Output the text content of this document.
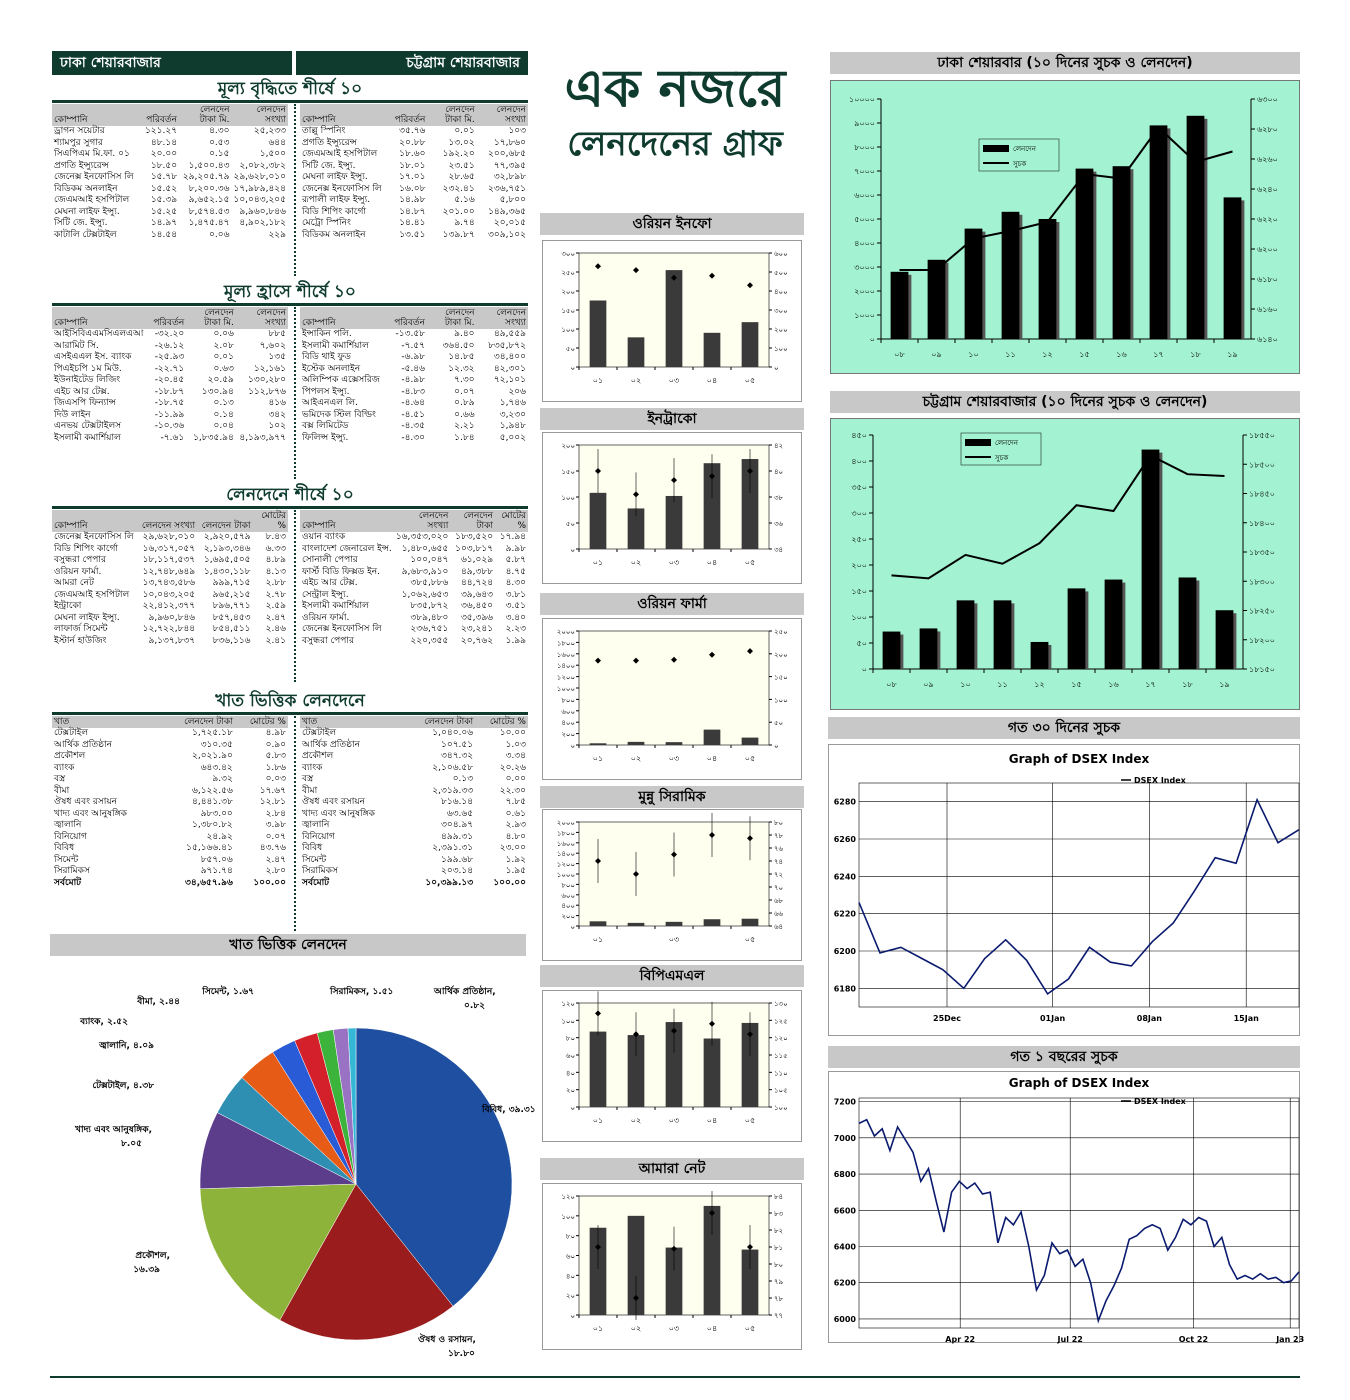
ঢাকা শেয়ারবাজার	চট্টগ্রাম শেয়ারবাজার
মূল্য বৃদ্ধিতে শীর্ষে ১০
কোম্পানি	পরিবর্তন	লেনদেন টাকা মি.	লেনদেন সংখ্যা
ড্রাগন সয়েটার	১২১.২৭	৪.৩০	২৫,২৩৩
শ্যামপুর সুগার	৪৮.১৪	০.৫৩	৬৪৪
সিএপিএম মি.ফা. ০১	২০.০০	০.১৫	১,৫০০
প্রগতি ইন্স্যুরেন্স	১৮.৫০	১,৫০০.৪৩	২,০৮২,৩৮২
জেনেক্স ইনফোসিস লি	১৫.৭৮	২৯,২০৫.৭৯	২৯,৬২৮,০১০
বিডিকম অনলাইন	১৫.৫২	৮,২০০.৩৬	১৭,৯৮৯,৪২৪
জেএমআই হসপিটাল	১৫.৩৯	৯,৬৫২.১৫	১০,০৪৩,২০৫
মেঘনা লাইফ ইন্স্যু.	১৫.২৫	৮,৫৭৪.৫৩	৯,৯৬০,৮৪৬
সিটি জে. ইন্স্যু.	১৪.৯৭	১,৪৭৫.৪৭	৪,৯০২,১৮২
কাটালি টেক্সটাইল	১৪.৫৪	০.০৬	২২৯
কোম্পানি	পরিবর্তন	লেনদেন টাকা মি.	লেনদেন সংখ্যা
তাল্লু স্পিনিং	৩৫.৭৬	০.০১	১০৩
প্রগতি ইন্স্যুরেন্স	২০.৮৮	১৩.০২	১৭,৮৬০
জেএমআই হসপিটাল	১৮.৬০	১৯২.২০	২০০,৬৮৫
সিটি জে. ইন্স্যু.	১৮.০১	২৩.৫১	৭৭,৩৯৫
মেঘনা লাইফ ইন্স্যু.	১৭.০১	২৮.৬৫	৩২,৮৯৮
জেনেক্স ইনফোসিস লি	১৬.০৮	২৩২.৪১	২৩৬,৭৫১
রূপালী লাইফ ইন্স্যু.	১৪.৯৮	৫.১৬	৫,৮০০
বিডি শিপিং কার্গো	১৪.৮৭	২০১.০০	১৪৯,৩৬৫
মেট্রো স্পিনিং	১৪.৪১	৯.৭৪	২০,০১৫
বিডিকম অনলাইন	১৩.৫১	১৩৯.৮৭	৩০৯,১০২
মূল্য হ্রাসে শীর্ষে ১০
কোম্পানি	পরিবর্তন	লেনদেন টাকা মি.	লেনদেন সংখ্যা
আইসিবিএএমসিএলএআ	-৩২.২০	০.০৬	৮৮৫
আরামিট সি.	-২৬.১২	২.০৮	৭,৬০২
এসইএএল ইস. ব্যাংক	-২৫.৯৩	০.০১	১৩৫
পিএইচপি ১ম মিউ.	-২২.৭১	০.৬৩	১২,১৬১
ইউনাইটেড লিজিং	-২০.৪৫	২০.৫৯	১৩০,২৮০
এইচ আর টেক্স.	-১৮.৮৭	১৩০.৯৪	১১২,৮৭৬
জিএসপি ফিন্যান্স	-১৮.৭৫	০.১৩	৪১৬
দিউ লাইন	-১১.৯৯	০.১৪	৩৪২
এনভয় টেক্সটাইলস	-১০.৩৬	০.০৪	১০২
ইসলামী কমার্শিয়াল	-৭.৬১	১,৮৩৫.৯৪	৪,১৯৩,৯৭৭
কোম্পানি	পরিবর্তন	লেনদেন টাকা মি.	লেনদেন সংখ্যা
ইন্সাকিন পলি.	-১৩.৫৮	৯.৪০	৪৯,৫৫৯
ইসলামী কমার্শিয়াল	-৭.৫৭	৩৬৪.৫০	৮৩৫,৮৭২
বিডি থাই ফুড	-৬.৯৮	১৪.৮৫	৩৪,৪০০
ইস্টেক অনলাইন	-৫.৪৬	১২.৩২	৪২,৩০১
অলিম্পিক এক্সেসরিজ	-৪.৯৮	৭.৩০	৭২,১০১
পিপলস ইন্স্যু.	-৪.৮৩	০.০৭	২০৬
আইএনএল লি.	-৪.৬৪	০.৮৯	১,৭৪৬
ভমিদেক স্টিল বিল্ডিং	-৪.৫১	০.৬৬	৩,২৩০
বক্স লিমিটেড	-৪.৩৫	২.২১	১,৯৪৮
ফিলিপ্স ইন্স্যু.	-৪.৩০	১.৮৪	৫,০০২
লেনদেনে শীর্ষে ১০
কোম্পানি	লেনদেন সংখ্যা	লেনদেন টাকা	মোটের %
জেনেক্স ইনফোসিস লি	২৯,৬২৮,০১০	২,৯২০,৫৭৯	৮.৪৩
বিডি শিপিং কার্গো	১৬,৩১৭,০৫৭	২,১৯৩,৩৪৬	৬.৩৩
বসুন্ধরা পেপার	১৮,১১৭,৫৩৭	১,৬৯৫,৫০৫	৪.৮৯
ওরিয়ন ফার্মা.	১২,৭৪৮,৬৪৯	১,৪৩০,১১৮	৪.১৩
আমরা নেট	১৩,৭৪৩,৫৮৬	৯৯৯,৭১৫	২.৮৮
জেএমআই হসপিটাল	১০,০৪৩,২০৫	৯৬৫,২১৫	২.৭৮
ইন্ট্রাকো	২২,৪১২,৩৭৭	৮৯৬,৭৭১	২.৫৯
মেঘনা লাইফ ইন্স্যু.	৯,৯৬০,৮৪৬	৮৫৭,৪৫৩	২.৪৭
লাফার্জ সিমেন্ট	১২,৭২২,৮৪৪	৮৫৪,৫১১	২.৪৬
ইস্টার্ন হাউজিং	৯,১৩৭,৮৩৭	৮৩৬,১১৬	২.৪১
কোম্পানি	লেনদেন সংখ্যা	লেনদেন টাকা	মোটের %
ওয়ান ব্যাংক	১৬,৩৫৩,০২০	১৮৩,৫২০	১৭.৯৪
বাংলাদেশ জেনারেল ইন্স.	১,৪৮০,৬৫৫	১০৩,৮১৭	৯.৯৮
সোনালী পেপার	১০০,০৪৭	৬১,০২৯	৫.৮৭
ফার্স্ট বিডি ফিক্সড ইন.	৯,৬৮৩,৯১০	৪৯,৩৮৮	৪.৭৫
এইচ আর টেক্স.	৩৮৫,৮৮৬	৪৪,৭২৪	৪.৩০
সেন্ট্রাল ইন্স্যু.	১,০৬২,৬৫৩	৩৯,৬৪৩	৩.৮১
ইসলামী কমার্শিয়াল	৮৩৫,৮৭২	৩৬,৪৫০	৩.৫১
ওরিয়ন ফার্মা.	৩৮৯,৪৮০	৩৫,৩৯৬	৩.৪০
জেনেক্স ইনফোসিস লি	২৩৬,৭৫১	২৩,২৪১	২.২৩
বসুন্ধরা পেপার	২২০,৩৫৫	২০,৭৬২	১.৯৯
খাত ভিত্তিক লেনদেনে
খাত	লেনদেন টাকা	মোটের %
টেক্সটাইল	১,৭২৫.১৮	৪.৯৮
আর্থিক প্রতিষ্ঠান	৩১০.৩৫	০.৯০
প্রকৌশল	২,০২১.৯০	৫.৮৩
ব্যাংক	৬৪৩.৪২	১.৮৬
বস্ত্র	৯.৩২	০.০৩
বীমা	৬,১২২.৫৬	১৭.৬৭
ঔষধ এবং রসায়ন	৪,৪৪১.৩৮	১২.৮১
খাদ্য এবং আনুষঙ্গিক	৯৮৩.০০	২.৮৪
জ্বালানি	১,৩৮০.৮২	৩.৯৮
বিনিয়োগ	২৪.৯২	০.০৭
বিবিধ	১৫,১৬৬.৪১	৪৩.৭৬
সিমেন্ট	৮৫৭.০৬	২.৪৭
সিরামিকস	৯৭১.৭৪	২.৮০
সর্বমোট	৩৪,৬৫৭.৯৬	১০০.০০
খাত	লেনদেন টাকা	মোটের %
টেক্সটাইল	১,০৪০.০৬	১০.০০
আর্থিক প্রতিষ্ঠান	১০৭.৫১	১.০৩
প্রকৌশল	৩৪৭.৩২	৩.৩৪
ব্যাংক	২,১০৬.৫৮	২০.২৬
বস্ত্র	০.১৩	০.০০
বীমা	২,৩১৯.৩৩	২২.৩০
ঔষধ এবং রসায়ন	৮১৬.১৪	৭.৮৫
খাদ্য এবং আনুষঙ্গিক	৬৩.৬৫	০.৬১
জ্বালানি	৩০৪.৯৭	২.৯৩
বিনিয়োগ	৪৯৯.৩১	৪.৮০
বিবিধ	২,৩৯১.৩১	২৩.০০
সিমেন্ট	১৯৯.৬৮	১.৯২
সিরামিকস	২০৩.১৪	১.৯৫
সর্বমোট	১০,৩৯৯.১৩	১০০.০০
খাত ভিত্তিক লেনদেন
বিবিধ, ৩৯.৩১
ঔষধ ও রসায়ন,
১৮.৮০
প্রকৌশল,
১৬.৩৯
খাদ্য এবং আনুষঙ্গিক,
৮.০৫
টেক্সটাইল, ৪.৩৮
জ্বালানি, ৪.০৯
ব্যাংক, ২.৫২
বীমা, ২.৪৪
সিমেন্ট, ১.৬৭	সিরামিকস, ১.৫১	আর্থিক প্রতিষ্ঠান,
০.৮২
এক নজরে
লেনদেনের গ্রাফ
ওরিয়ন ইনফো
০
৫০
১০০
১৫০
২০০
২৫০
৩০০
০
১০০
২০০
৩০০
৪০০
৫০০
৬০০
০১	০২	০৩	০৪	০৫
ইনট্রাকো
০
৫০
১০০
১৫০
২০০
৩৪
৩৬
৩৮
৪০
৪২
০১	০২	০৩	০৪	০৫
ওরিয়ন ফার্মা
০
২০০
৪০০
৬০০
৮০০
১০০০
১২০০
১৪০০
১৬০০
১৮০০
২০০০
০
৫০
১০০
১৫০
২০০
২৫০
০১	০২	০৩	০৪	০৫
মুন্নু সিরামিক
০
২০০
৪০০
৬০০
৮০০
১০০০
১২০০
১৪০০
১৬০০
১৮০০
২০০০
৬৪
৬৬
৬৮
৭০
৭২
৭৪
৭৬
৭৮
৮০
০১	০৩	০৫
বিপিএমএল
০
২০
৪০
৬০
৮০
১০০
১২০
১০০
১০৫
১১০
১১৫
১২০
১২৫
১৩০
০১	০২	০৩	০৪	০৫
আমারা নেট
০
২০
৪০
৬০
৮০
১০০
১২০
৭৭
৭৮
৭৯
৮০
৮১
৮২
৮৩
৮৪
০১	০২	০৩	০৪	০৫
ঢাকা শেয়ারবার (১০ দিনের সুচক ও লেনদেন)
০
১০০০
২০০০
৩০০০
৪০০০
৫০০০
৬০০০
৭০০০
৮০০০
৯০০০
১০০০০
৬১৪০
৬১৬০
৬১৮০
৬২০০
৬২২০
৬২৪০
৬২৬০
৬২৮০
৬৩০০
০৮	০৯	১০	১১	১২	১৫	১৬	১৭	১৮	১৯
লেনদেন
সুচক
চট্টগ্রাম শেয়ারবাজার (১০ দিনের সুচক ও লেনদেন)
০
৫০
১০০
১৫০
২০০
২৫০
৩০০
৩৫০
৪০০
৪৫০
১৮১৫০
১৮২০০
১৮২৫০
১৮৩০০
১৮৩৫০
১৮৪০০
১৮৪৫০
১৮৫০০
১৮৫৫০
০৮	০৯	১০	১১	১২	১৫	১৬	১৭	১৮	১৯
লেনদেন
সুচক
গত ৩০ দিনের সুচক
Graph of DSEX Index
6180
6200
6220
6240
6260
6280
25Dec	01Jan	08Jan	15Jan
DSEX Index
গত ১ বছরের সুচক
Graph of DSEX Index
6000
6200
6400
6600
6800
7000
7200
Apr 22	Jul 22	Oct 22	Jan 23
DSEX Index
